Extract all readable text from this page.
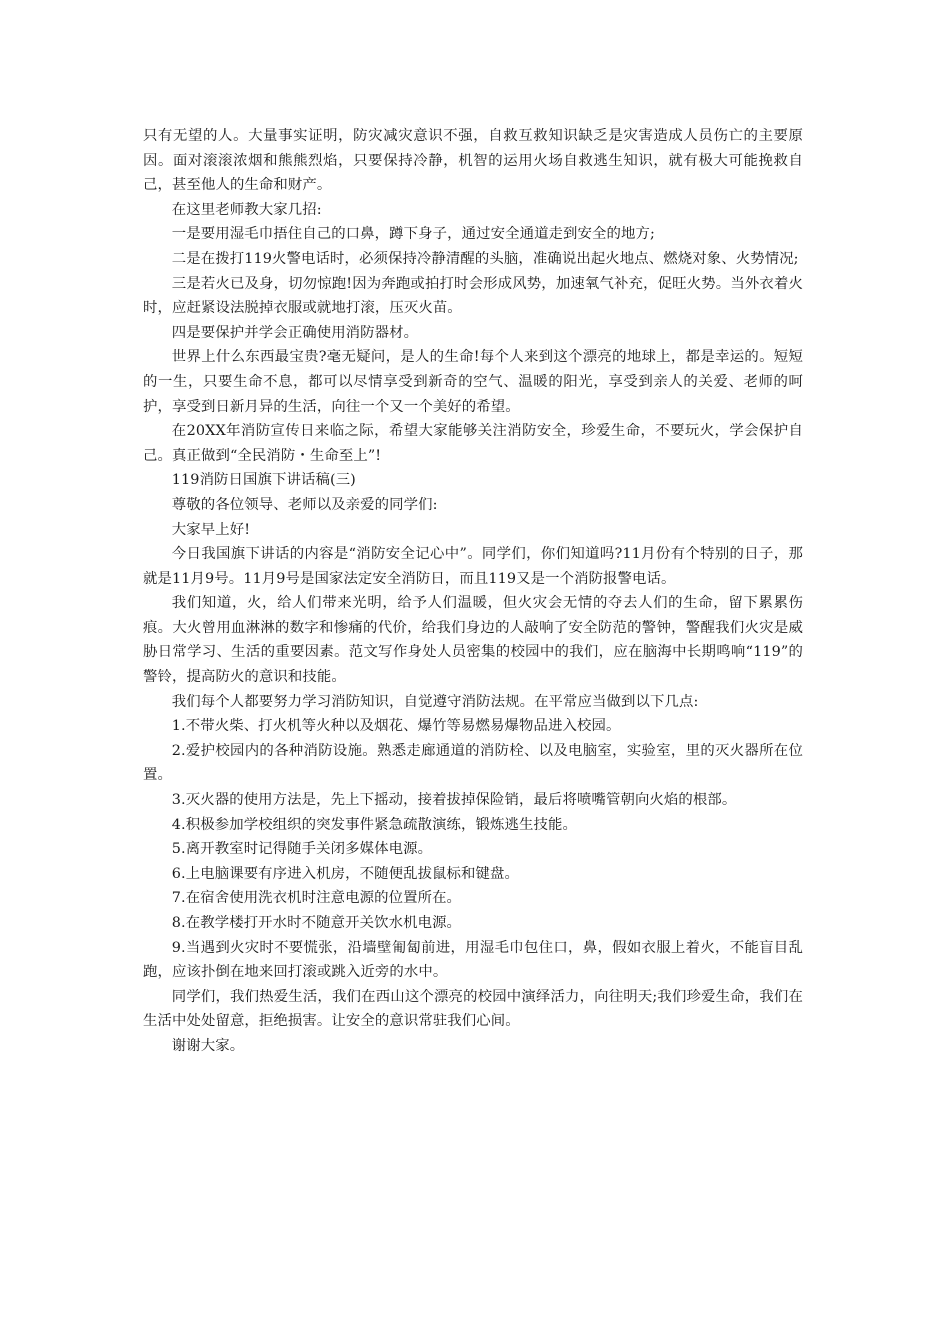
只有无望的人。大量事实证明，防灾减灾意识不强，自救互救知识缺乏是灾害造成人员伤亡的主要原因。面对滚滚浓烟和熊熊烈焰，只要保持冷静，机智的运用火场自救逃生知识，就有极大可能挽救自己，甚至他人的生命和财产。

在这里老师教大家几招:

一是要用湿毛巾捂住自己的口鼻，蹲下身子，通过安全通道走到安全的地方;

二是在拨打119火警电话时，必须保持冷静清醒的头脑，准确说出起火地点、燃烧对象、火势情况;

三是若火已及身，切勿惊跑!因为奔跑或拍打时会形成风势，加速氧气补充，促旺火势。当外衣着火时，应赶紧设法脱掉衣服或就地打滚，压灭火苗。

四是要保护并学会正确使用消防器材。

世界上什么东西最宝贵?毫无疑问，是人的生命!每个人来到这个漂亮的地球上，都是幸运的。短短的一生，只要生命不息，都可以尽情享受到新奇的空气、温暖的阳光，享受到亲人的关爱、老师的呵护，享受到日新月异的生活，向往一个又一个美好的希望。

在20XX年消防宣传日来临之际，希望大家能够关注消防安全，珍爱生命，不要玩火，学会保护自己。真正做到“全民消防・生命至上”!

119消防日国旗下讲话稿(三)

尊敬的各位领导、老师以及亲爱的同学们:

大家早上好!

今日我国旗下讲话的内容是“消防安全记心中”。同学们，你们知道吗?11月份有个特别的日子，那就是11月9号。11月9号是国家法定安全消防日，而且119又是一个消防报警电话。

我们知道，火，给人们带来光明，给予人们温暖，但火灾会无情的夺去人们的生命，留下累累伤痕。大火曾用血淋淋的数字和惨痛的代价，给我们身边的人敲响了安全防范的警钟，警醒我们火灾是威胁日常学习、生活的重要因素。范文写作身处人员密集的校园中的我们，应在脑海中长期鸣响“119”的警铃，提高防火的意识和技能。

我们每个人都要努力学习消防知识，自觉遵守消防法规。在平常应当做到以下几点:

1.不带火柴、打火机等火种以及烟花、爆竹等易燃易爆物品进入校园。

2.爱护校园内的各种消防设施。熟悉走廊通道的消防栓、以及电脑室，实验室，里的灭火器所在位置。

3.灭火器的使用方法是，先上下摇动，接着拔掉保险销，最后将喷嘴管朝向火焰的根部。

4.积极参加学校组织的突发事件紧急疏散演练，锻炼逃生技能。

5.离开教室时记得随手关闭多媒体电源。

6.上电脑课要有序进入机房，不随便乱拔鼠标和键盘。

7.在宿舍使用洗衣机时注意电源的位置所在。

8.在教学楼打开水时不随意开关饮水机电源。

9.当遇到火灾时不要慌张，沿墙壁匍匐前进，用湿毛巾包住口，鼻，假如衣服上着火，不能盲目乱跑，应该扑倒在地来回打滚或跳入近旁的水中。

同学们，我们热爱生活，我们在西山这个漂亮的校园中演绎活力，向往明天;我们珍爱生命，我们在生活中处处留意，拒绝损害。让安全的意识常驻我们心间。

谢谢大家。
